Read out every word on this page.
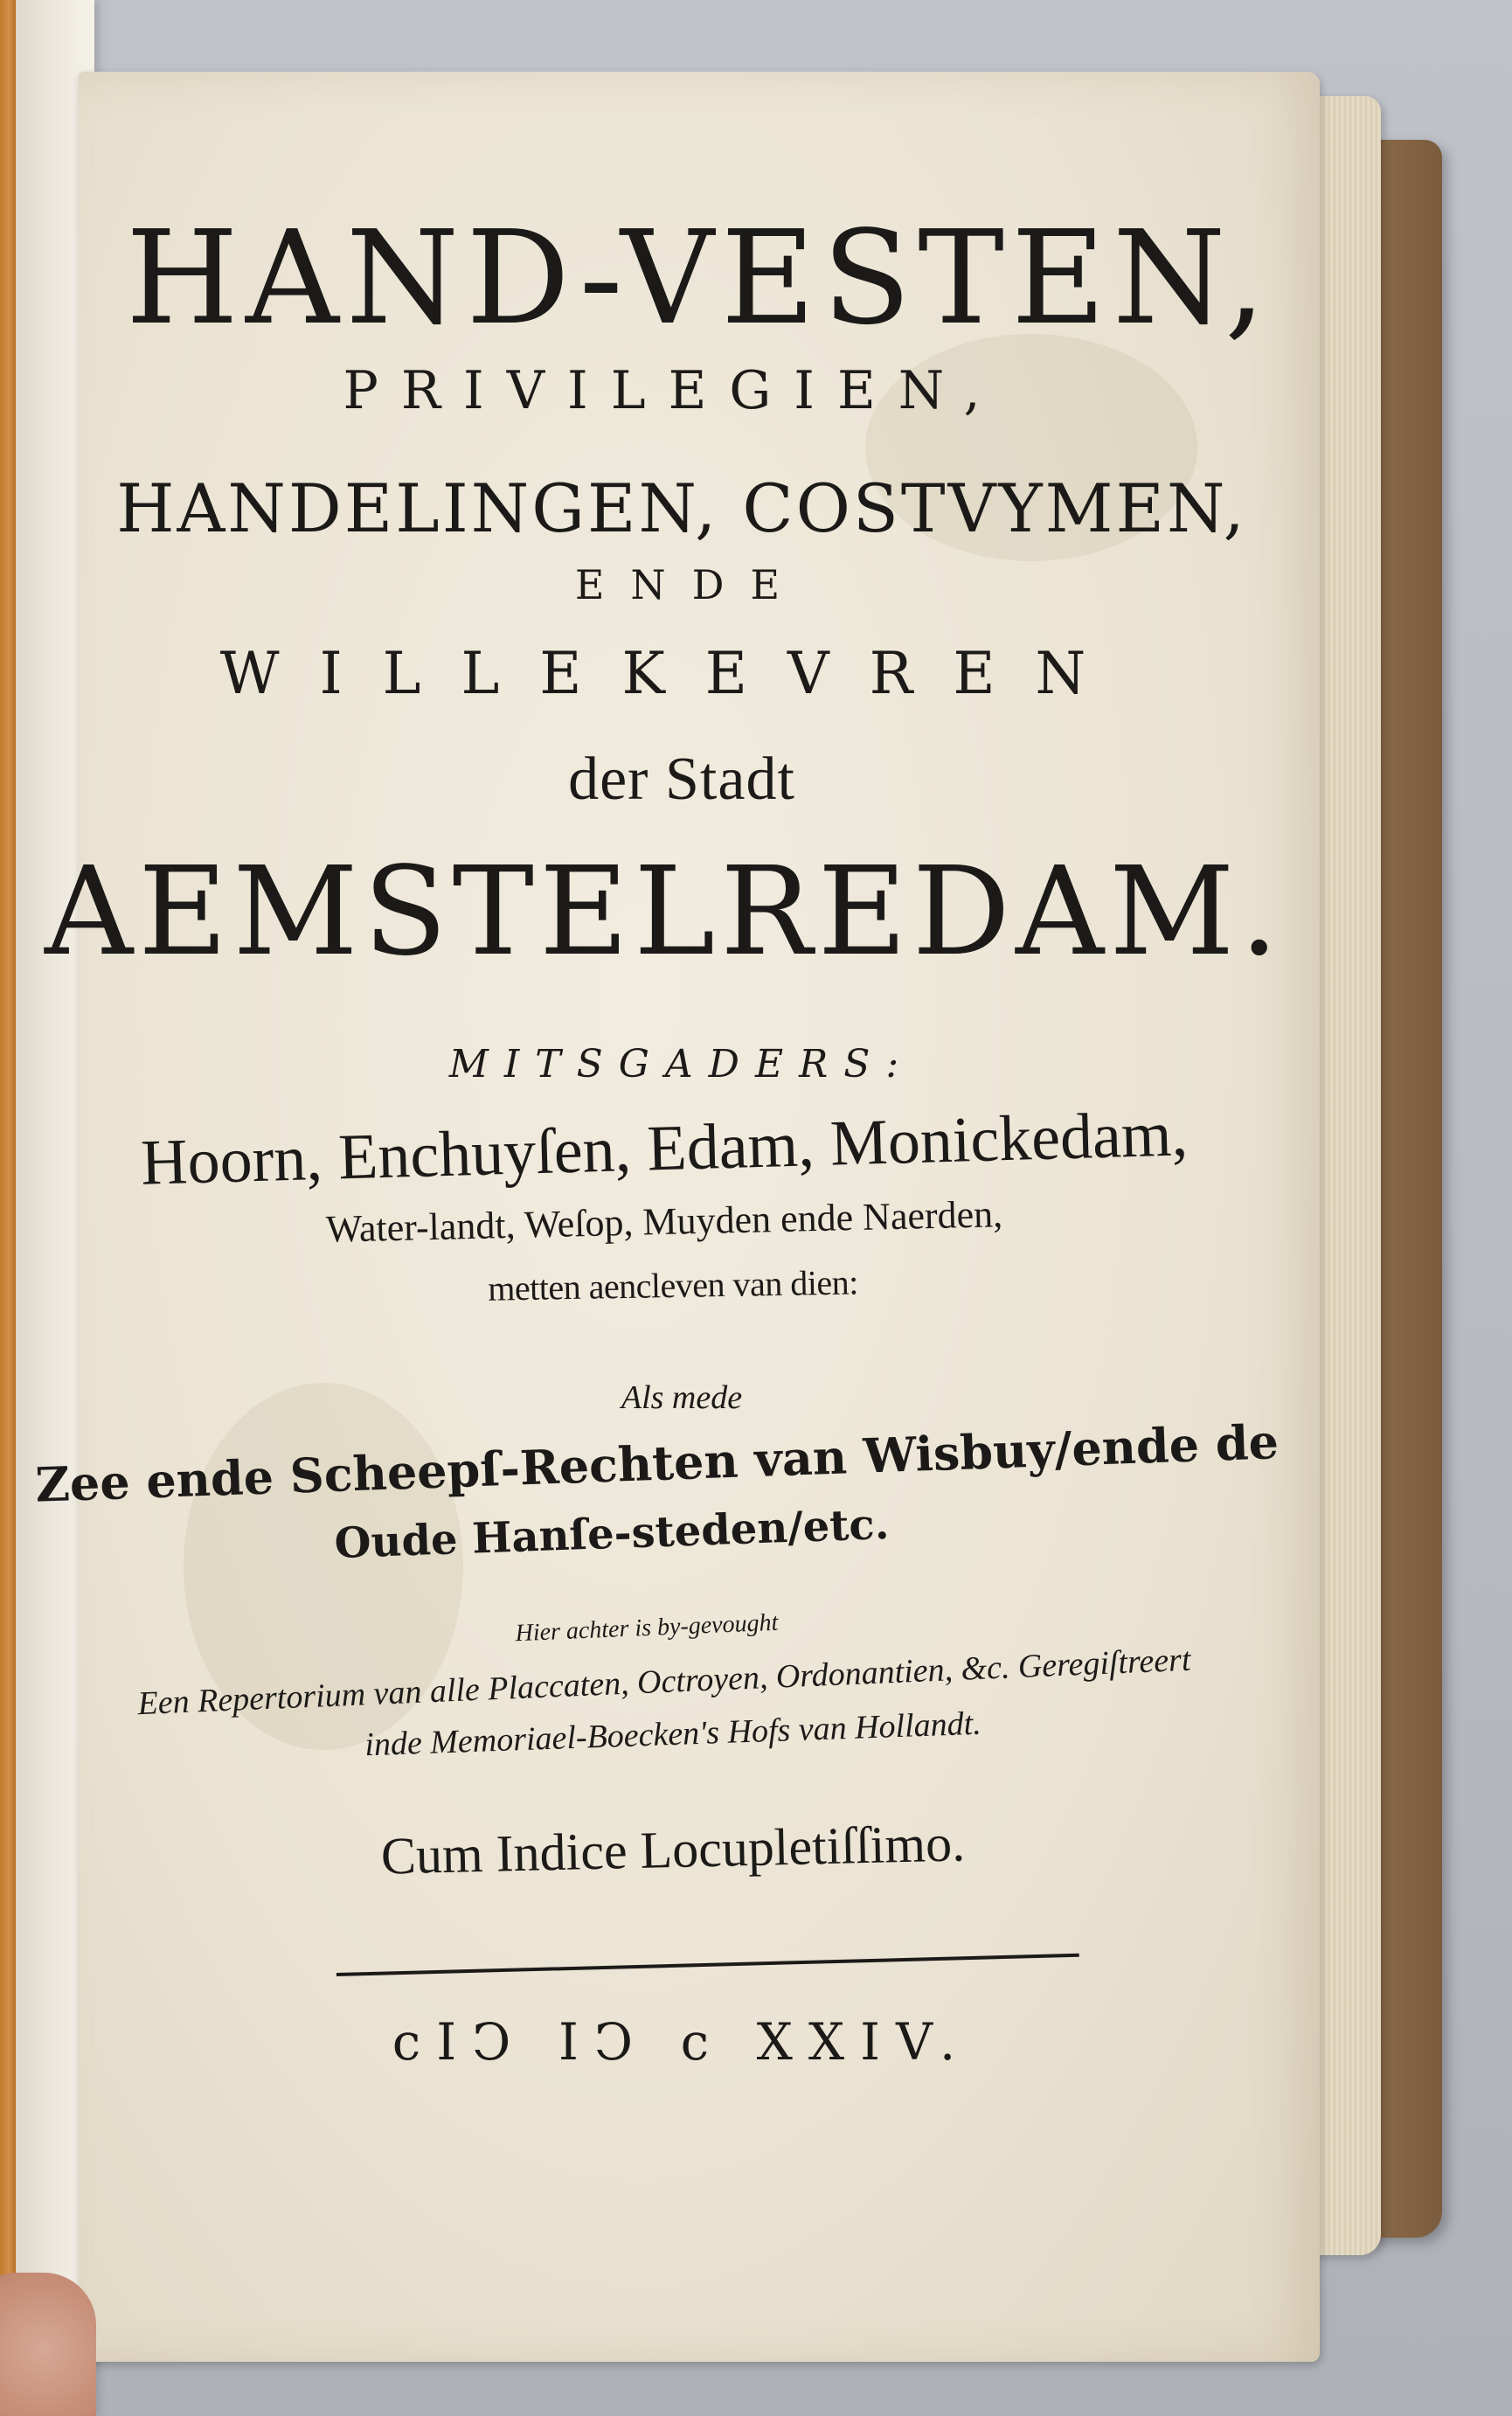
HAND-VESTEN,
PRIVILEGIEN,
HANDELINGEN, COSTVYMEN,
ENDE
WILLEKEVREN
der Stadt
AEMSTELREDAM.
MITSGADERS:
Hoorn, Enchuyſen, Edam, Monickedam,
Water-landt, Weſop, Muyden ende Naerden,
metten aencleven van dien:
Als mede
Zee ende Scheepſ-Rechten van Wisbuy/ende de
Oude Hanſe-steden/etc.
Hier achter is by-gevought
Een Repertorium van alle Placcaten, Octroyen, Ordonantien, &c. Geregiſtreert
inde Memoriael-Boecken's Hofs van Hollandt.
Cum Indice Locupletiſſimo.
cIↃ IↃ c XXIV.
